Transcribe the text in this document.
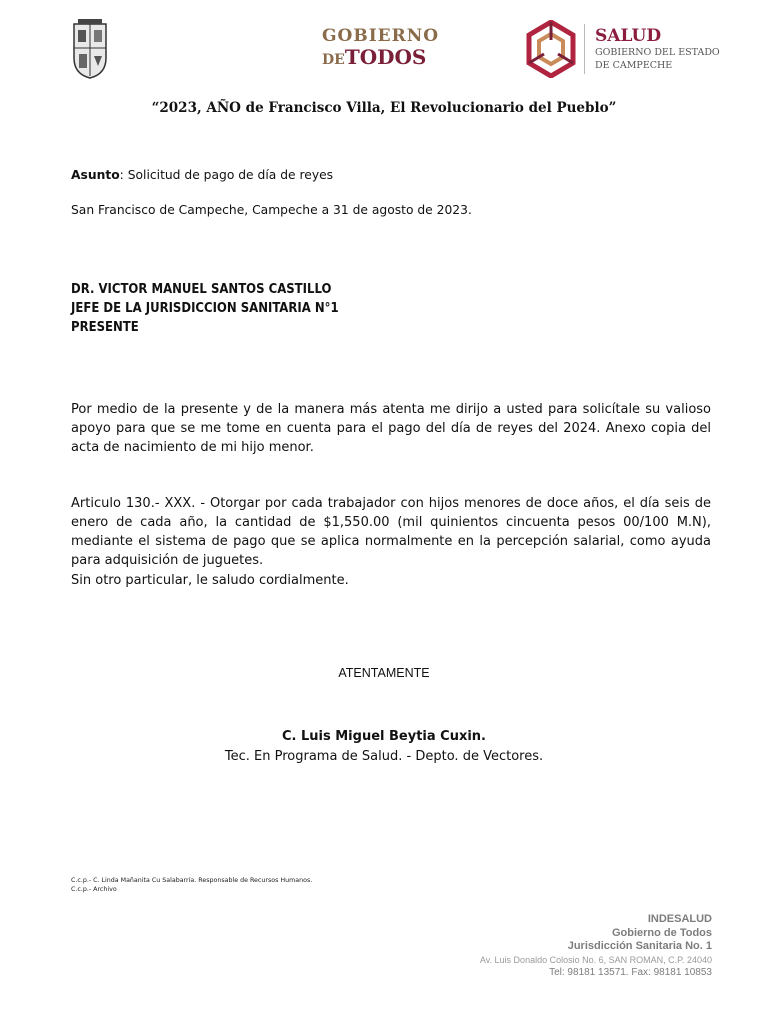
GOBIERNO
DETODOS
SALUD
GOBIERNO DEL ESTADO
DE CAMPECHE
“2023, AÑO de Francisco Villa, El Revolucionario del Pueblo”
Asunto: Solicitud de pago de día de reyes
San Francisco de Campeche, Campeche a 31 de agosto de 2023.
DR. VICTOR MANUEL SANTOS CASTILLO
JEFE DE LA JURISDICCION SANITARIA N°1
PRESENTE
Por medio de la presente y de la manera más atenta me dirijo a usted para solicítale su valioso apoyo para que se me tome en cuenta para el pago del día de reyes del 2024. Anexo copia del acta de nacimiento de mi hijo menor.
Articulo 130.- XXX. - Otorgar por cada trabajador con hijos menores de doce años, el día seis de enero de cada año, la cantidad de $1,550.00 (mil quinientos cincuenta pesos 00/100 M.N), mediante el sistema de pago que se aplica normalmente en la percepción salarial, como ayuda para adquisición de juguetes.
Sin otro particular, le saludo cordialmente.
ATENTAMENTE
C. Luis Miguel Beytia Cuxin.
Tec. En Programa de Salud. - Depto. de Vectores.
C.c.p.- C. Linda Mañanita Cu Salabarría. Responsable de Recursos Humanos.
C.c.p.- Archivo
INDESALUD
Gobierno de Todos
Jurisdicción Sanitaria No. 1
Av. Luis Donaldo Colosio No. 6, SAN ROMAN, C.P. 24040
Tel: 98181 13571. Fax: 98181 10853
